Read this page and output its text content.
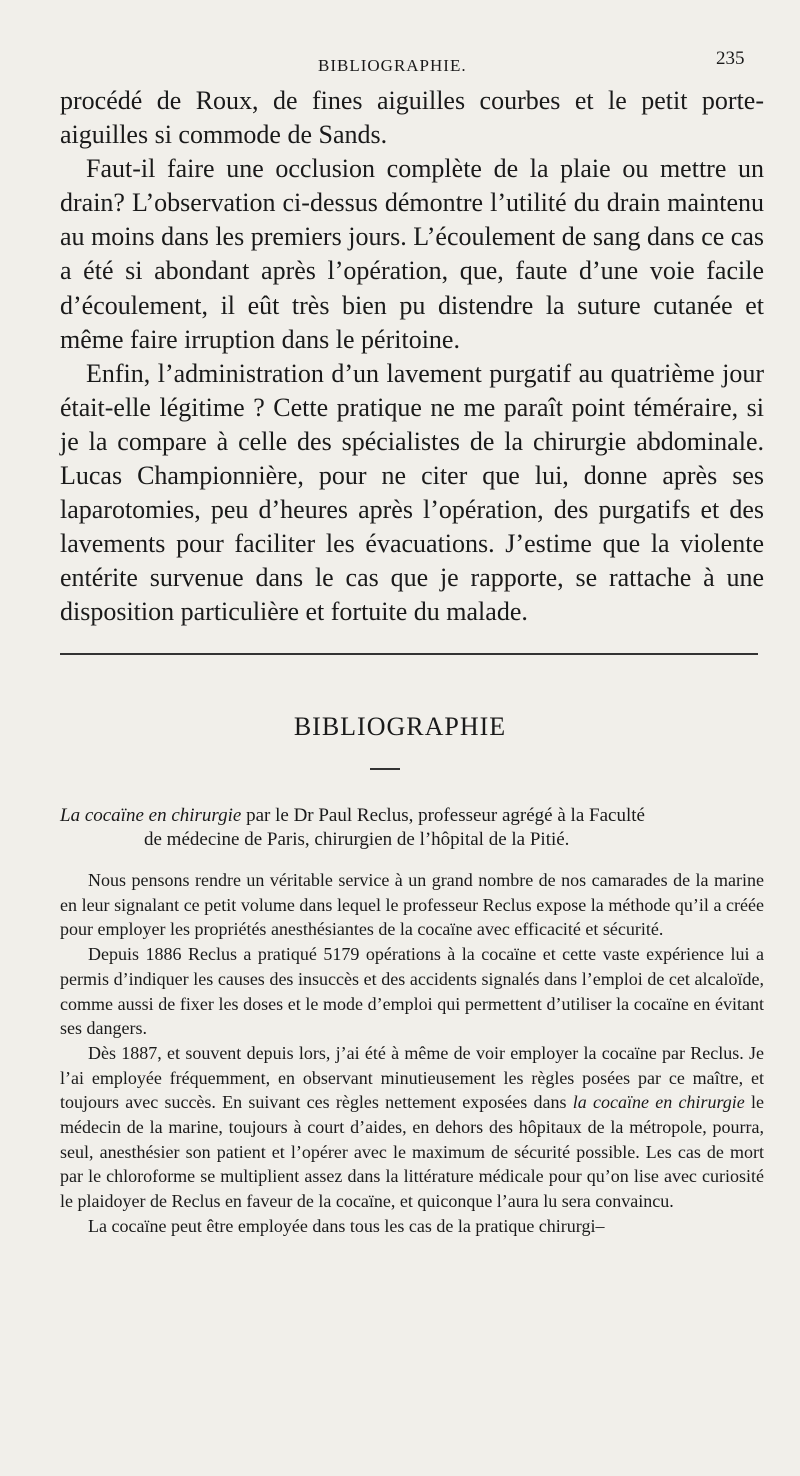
BIBLIOGRAPHIE.	235

procédé de Roux, de fines aiguilles courbes et le petit porte-aiguilles si commode de Sands.

Faut-il faire une occlusion complète de la plaie ou mettre un drain? L’observation ci-dessus démontre l’utilité du drain maintenu au moins dans les premiers jours. L’écoulement de sang dans ce cas a été si abondant après l’opération, que, faute d’une voie facile d’écoulement, il eût très bien pu distendre la suture cutanée et même faire irruption dans le péritoine.

Enfin, l’administration d’un lavement purgatif au quatrième jour était-elle légitime ? Cette pratique ne me paraît point téméraire, si je la compare à celle des spécialistes de la chirurgie abdominale. Lucas Championnière, pour ne citer que lui, donne après ses laparotomies, peu d’heures après l’opération, des purgatifs et des lavements pour faciliter les évacuations. J’estime que la violente entérite survenue dans le cas que je rapporte, se rattache à une disposition particulière et fortuite du malade.

BIBLIOGRAPHIE
La cocaïne en chirurgie par le Dr Paul Reclus, professeur agrégé à la Faculté
de médecine de Paris, chirurgien de l’hôpital de la Pitié.

Nous pensons rendre un véritable service à un grand nombre de nos camarades de la marine en leur signalant ce petit volume dans lequel le professeur Reclus expose la méthode qu’il a créée pour employer les propriétés anesthésiantes de la cocaïne avec efficacité et sécurité.

Depuis 1886 Reclus a pratiqué 5179 opérations à la cocaïne et cette vaste expérience lui a permis d’indiquer les causes des insuccès et des accidents signalés dans l’emploi de cet alcaloïde, comme aussi de fixer les doses et le mode d’emploi qui permettent d’utiliser la cocaïne en évitant ses dangers.

Dès 1887, et souvent depuis lors, j’ai été à même de voir employer la cocaïne par Reclus. Je l’ai employée fréquemment, en observant minutieusement les règles posées par ce maître, et toujours avec succès. En suivant ces règles nettement exposées dans la cocaïne en chirurgie le médecin de la marine, toujours à court d’aides, en dehors des hôpitaux de la métropole, pourra, seul, anesthésier son patient et l’opérer avec le maximum de sécurité possible. Les cas de mort par le chloroforme se multiplient assez dans la littérature médicale pour qu’on lise avec curiosité le plaidoyer de Reclus en faveur de la cocaïne, et quiconque l’aura lu sera convaincu.

La cocaïne peut être employée dans tous les cas de la pratique chirurgi–
